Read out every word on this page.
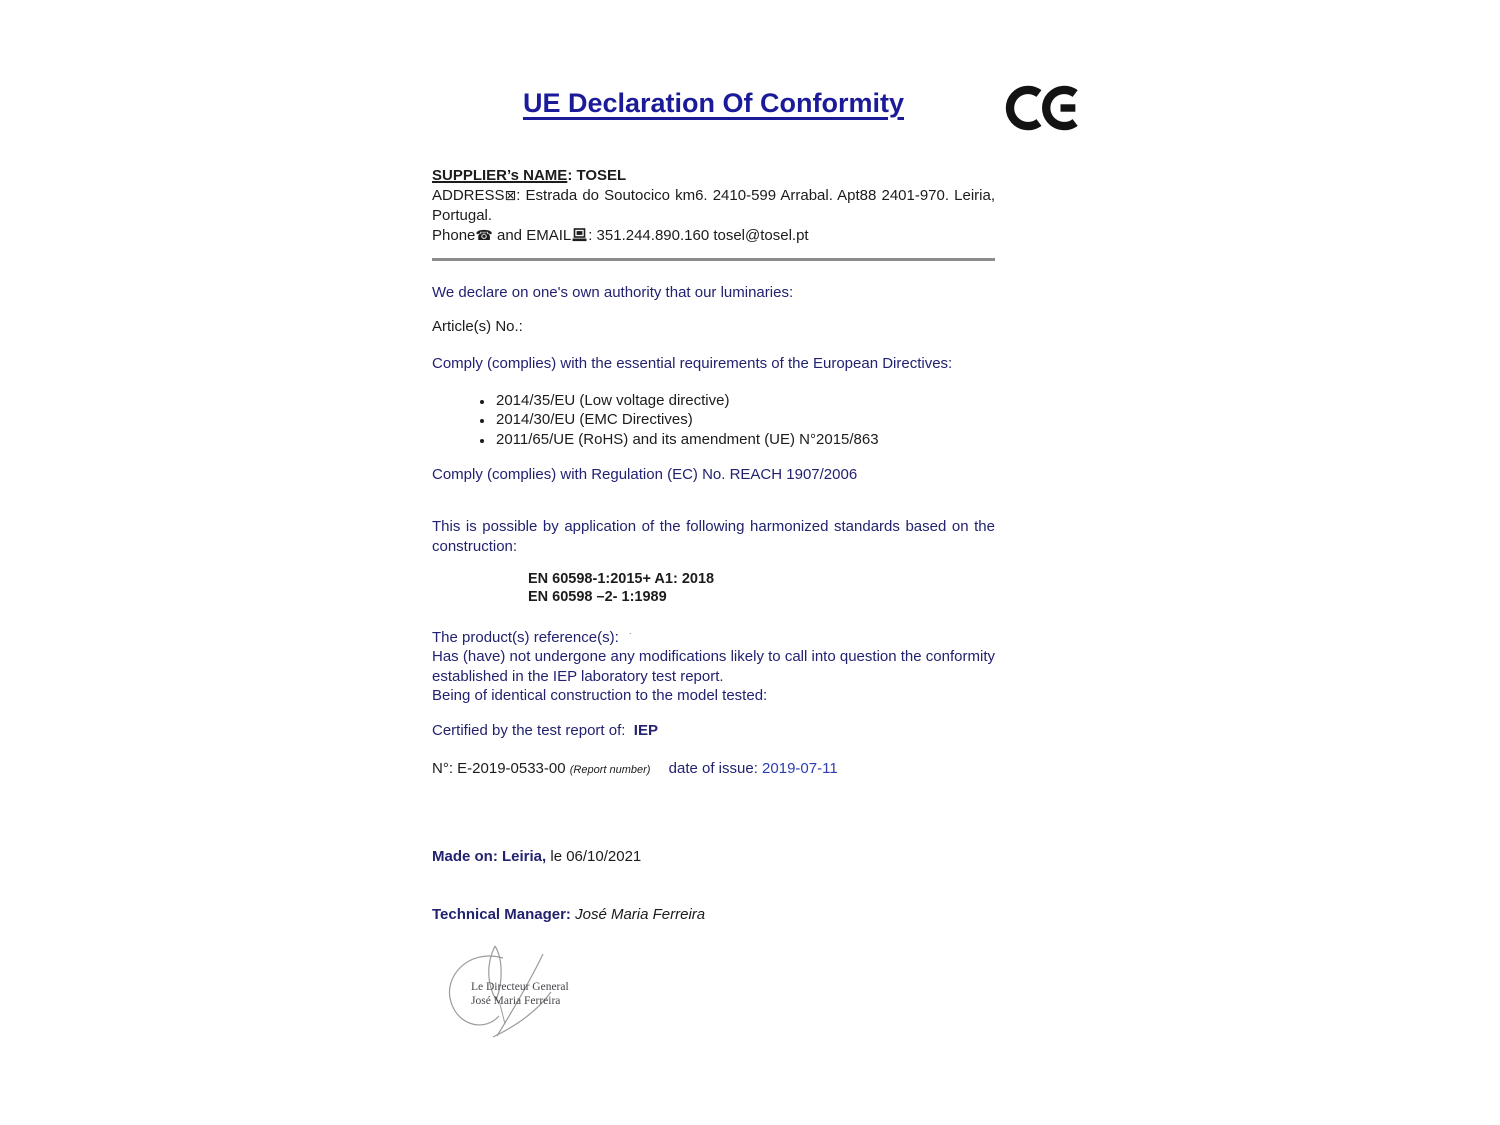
UE Declaration Of Conformity

SUPPLIER’s NAME: TOSEL

ADDRESS⊠: Estrada do Soutocico km6. 2410-599 Arrabal. Apt88 2401-970. Leiria, Portugal.

Phone☎ and EMAIL : 351.244.890.160 tosel@tosel.pt

We declare on one's own authority that our luminaries:

Article(s) No.:

Comply (complies) with the essential requirements of the European Directives:

• 2014/35/EU (Low voltage directive)
• 2014/30/EU (EMC Directives)
• 2011/65/UE (RoHS) and its amendment (UE) N°2015/863

Comply (complies) with Regulation (EC) No. REACH 1907/2006

This is possible by application of the following harmonized standards based on the construction:

EN 60598-1:2015+ A1: 2018
EN 60598 –2- 1:1989

The product(s) reference(s): ·

Has (have) not undergone any modifications likely to call into question the conformity established in the IEP laboratory test report.

Being of identical construction to the model tested:

Certified by the test report of: IEP

N°: E-2019-0533-00 (Report number) date of issue: 2019-07-11

Made on: Leiria, le 06/10/2021

Technical Manager: José Maria Ferreira

Le Directeur General
José Maria Ferreira
